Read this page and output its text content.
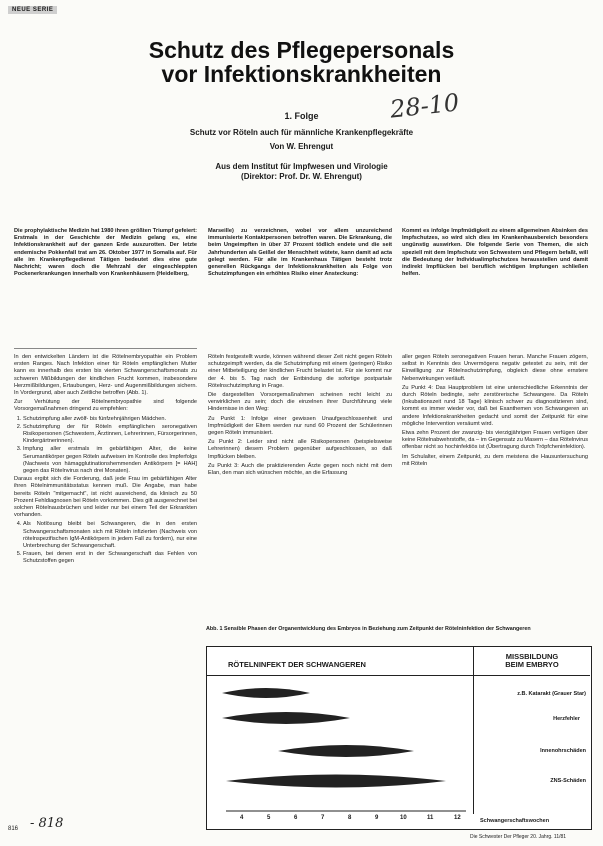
NEUE SERIE
Schutz des Pflegepersonals
vor Infektionskrankheiten
28-10
1. Folge
Schutz vor Röteln auch für männliche Krankenpflegekräfte
Von W. Ehrengut
Aus dem Institut für Impfwesen und Virologie
(Direktor: Prof. Dr. W. Ehrengut)
Die prophylaktische Medizin hat 1980 ihren größten Triumpf gefeiert: Erstmals in der Geschichte der Medizin gelang es, eine Infektionskrankheit auf der ganzen Erde auszurotten. Der letzte endemische Pokkenfall trat am 26. Oktober 1977 in Somalia auf. Für alle im Krankenpflegedienst Tätigen bedeutet dies eine gute Nachricht; waren doch die Mehrzahl der eingeschleppten Pockenerkrankungen innerhalb von Krankenhäusern (Heidelberg,
Marseille) zu verzeichnen, wobei vor allem unzureichend immunisierte Kontaktpersonen betroffen waren. Die Erkrankung, die beim Ungeimpften in über 37 Prozent tödlich endete und die seit Jahrhunderten als Geißel der Menschheit wütete, kann damit ad acta gelegt werden. Für alle im Krankenhaus Tätigen besteht trotz generellen Rückgangs der Infektionskrankheiten als Folge von Schutzimpfungen ein erhöhtes Risiko einer Ansteckung:
Kommt es infolge Impfmüdigkeit zu einem allgemeinen Absinken des Impfschutzes, so wird sich dies im Krankenhausbereich besonders ungünstig auswirken. Die folgende Serie von Themen, die sich speziell mit dem Impfschutz von Schwestern und Pflegern befaßt, will die Bedeutung der Individualimpfschutzes herausstellen und damit indirekt Impflücken bei beruflich wichtigen Impfungen schließen helfen.

In den entwickelten Ländern ist die Rötelnembryopathie ein Problem ersten Ranges. Nach Infektion einer für Röteln empfänglichen Mutter kann es innerhalb des ersten bis vierten Schwangerschaftsmonats zu schweren Mißbildungen der kindlichen Frucht kommen, insbesondere Herzmißbildungen, Ertaubungen, Herz- und Augenmißbildungen sichern. In Vordergrund, aber auch Zeitliche betroffen (Abb. 1).

Zur Verhütung der Rötelnembryopathie sind folgende Vorsorgemaßnahmen dringend zu empfehlen:

1. Schutzimpfung aller zwölf- bis fünfzehnjährigen Mädchen.
2. Schutzimpfung der für Röteln empfänglichen seronegativen Risikopersonen (Schwestern, Ärztinnen, Lehrerinnen, Fürsorgerinnen, Kindergärtnerinnen).
3. Impfung aller erstmals im gebärfähigen Alter, die keine Serumantikörper gegen Röteln aufweisen im Kontrolle des Impferfolgs (Nachweis von hämagglutinationshemmenden Antikörpern [= HAH] gegen das Rötelnvirus nach drei Monaten).

Daraus ergibt sich die Forderung, daß jede Frau im gebärfähigen Alter ihren Rötelnimmunitätsstatus kennen muß. Die Angabe, man habe bereits Röteln "mitgemacht", ist nicht ausreichend, da klinisch zu 50 Prozent Fehldiagnosen bei Röteln vorkommen. Dies gilt ausgerechnet bei solchen Rötelnausbrüchen und leider nur bei einem Teil der Erkrankten vorhanden.

4. Als Notlösung bleibt bei Schwangeren, die in den ersten Schwangerschaftsmonaten sich mit Röteln infizierten (Nachweis von rötelnspezifischen IgM-Antikörpern in jedem Fall zu fordern), nur eine Unterbrechung der Schwangerschaft.
5. Frauen, bei denen erst in der Schwangerschaft das Fehlen von Schutzstoffen gegen

Röteln festgestellt wurde, können während dieser Zeit nicht gegen Röteln schutzgeimpft werden, da die Schutzimpfung mit einem (geringen) Risiko einer Mitbeteiligung der kindlichen Frucht belastet ist. Für sie kommt nur der 4. bis 5. Tag nach der Entbindung die sofortige postpartale Rötelnschutzimpfung in Frage.

Die dargestellten Vorsorgemaßnahmen scheinen recht leicht zu verwirklichen zu sein; doch die einzelnen ihrer Durchführung viele Hindernisse in den Weg:

Zu Punkt 1: Infolge einer gewissen Unaufgeschlossenheit und Impfmüdigkeit der Eltern werden nur rund 60 Prozent der Schülerinnen gegen Röteln immunisiert.

Zu Punkt 2: Leider sind nicht alle Risikopersonen (beispielsweise Lehrerinnen) diesem Problem gegenüber aufgeschlossen, so daß Impflücken bleiben.

Zu Punkt 3: Auch die praktizierenden Ärzte gegen noch nicht mit dem Elan, den man sich wünschen möchte, an die Erfassung

aller gegen Röteln seronegativen Frauen heran. Manche Frauen zögern, selbst in Kenntnis des Unvermögens negativ getestet zu sein, mit der Einwilligung zur Rötelnschutzimpfung, obgleich diese ohne ernstere Nebenwirkungen verläuft.

Zu Punkt 4: Das Hauptproblem ist eine unterschiedliche Erkenntnis der durch Röteln bedingte, sehr zerstörerische Schwangere. Da Röteln (Inkubationszeit rund 18 Tage) klinisch schwer zu diagnostizieren sind, kommt es immer wieder vor, daß bei Exanthemen von Schwangeren an andere Infektionskrankheiten gedacht und somit der Zeitpunkt für eine mögliche Intervention versäumt wird.

Etwa zehn Prozent der zwanzig- bis vierzigjährigen Frauen verfügen über keine Rötelnabwehrstoffe, da – im Gegensatz zu Masern – das Rötelnvirus offenbar nicht so hochinfektiös ist (Übertragung durch Tröpfcheninfektion).

Im Schulalter, einem Zeitpunkt, zu dem meistens die Hausuntersuchung mit Röteln

Abb. 1 Sensible Phasen der Organentwicklung des Embryos in Beziehung zum Zeitpunkt der Rötelninfektion der Schwangeren
RÖTELNINFEKT DER SCHWANGEREN
MISSBILDUNG
BEIM EMBRYO
z.B. Katarakt (Grauer Star)
Herzfehler
Innenohrschäden
ZNS-Schäden
4	5	6	7	8	9	10	11	12	Schwangerschaftswochen
816 - 818
Die Schwester Der Pfleger 20. Jahrg. 11/81
